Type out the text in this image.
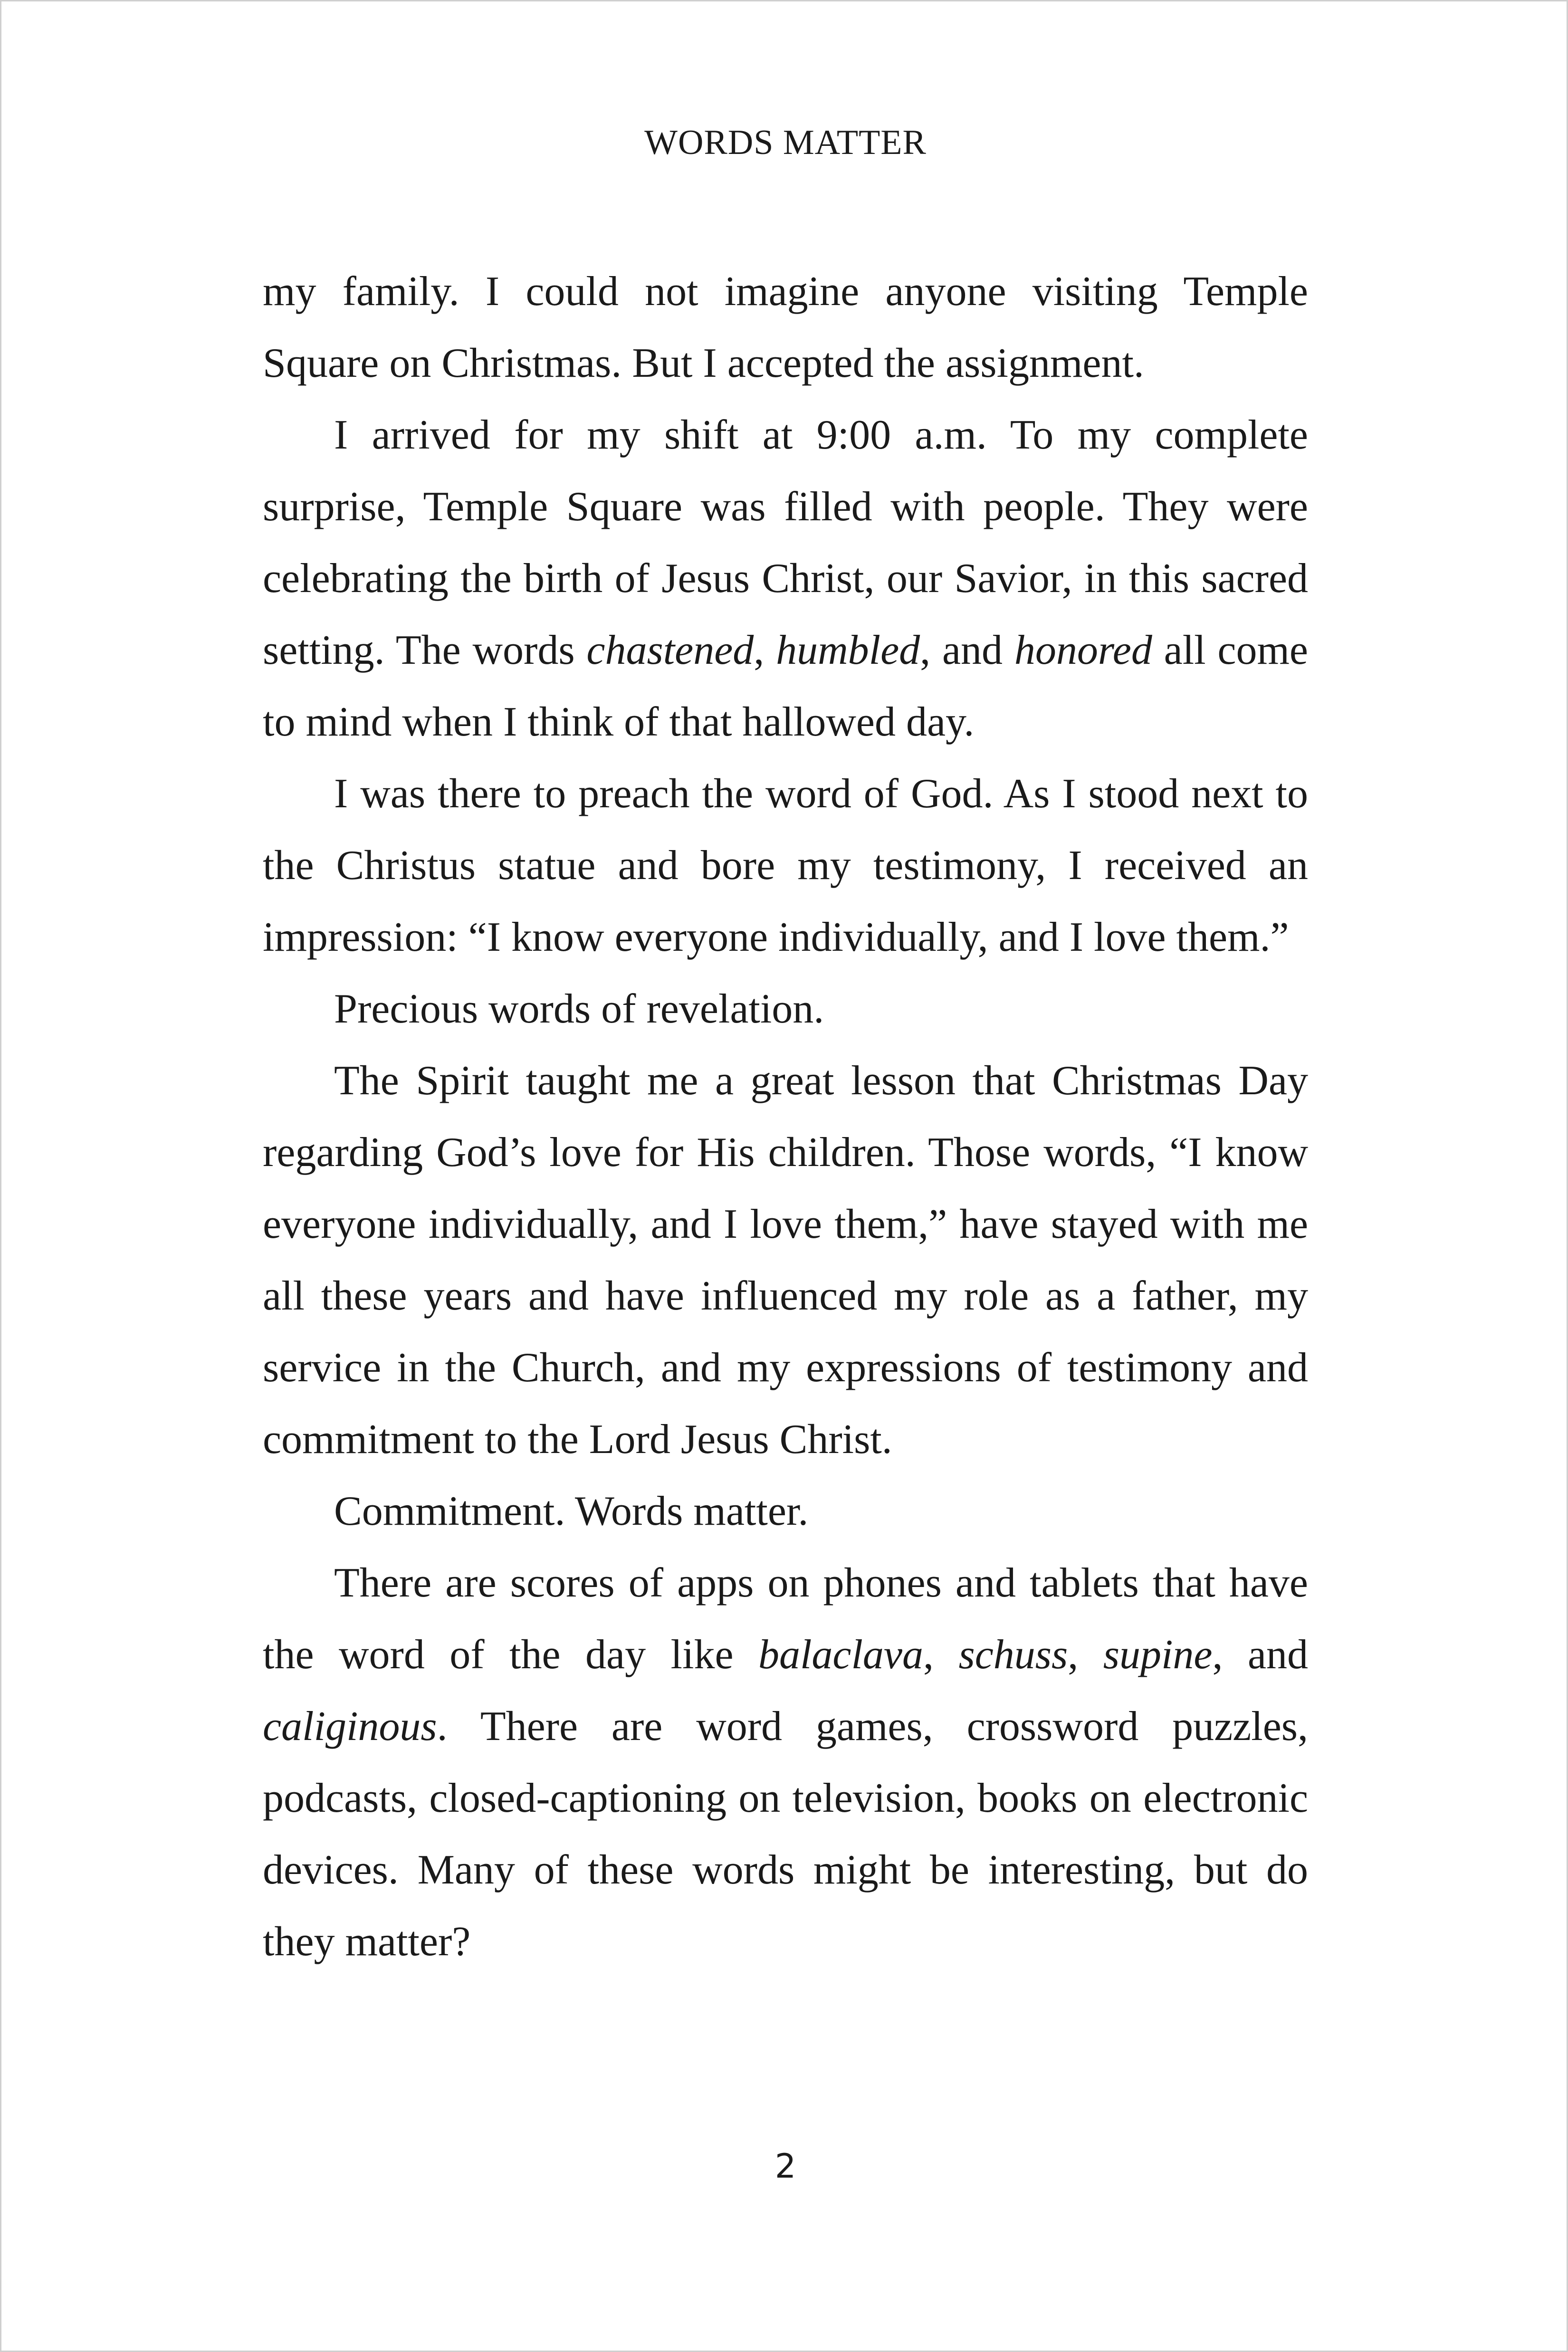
WORDS MATTER

my family. I could not imagine anyone visiting Temple Square on Christmas. But I accepted the assignment.

I arrived for my shift at 9:00 a.m. To my complete surprise, Temple Square was filled with people. They were celebrating the birth of Jesus Christ, our Savior, in this sacred setting. The words chastened, humbled, and honored all come to mind when I think of that hallowed day.

I was there to preach the word of God. As I stood next to the Christus statue and bore my testimony, I received an impression: “I know everyone individually, and I love them.”

Precious words of revelation.

The Spirit taught me a great lesson that Christmas Day regarding God’s love for His children. Those words, “I know everyone individually, and I love them,” have stayed with me all these years and have influenced my role as a father, my service in the Church, and my expressions of testimony and commitment to the Lord Jesus Christ.

Commitment. Words matter.

There are scores of apps on phones and tablets that have the word of the day like balaclava, schuss, supine, and caliginous. There are word games, crossword puzzles, podcasts, closed-captioning on television, books on electronic devices. Many of these words might be interesting, but do they matter?

2
